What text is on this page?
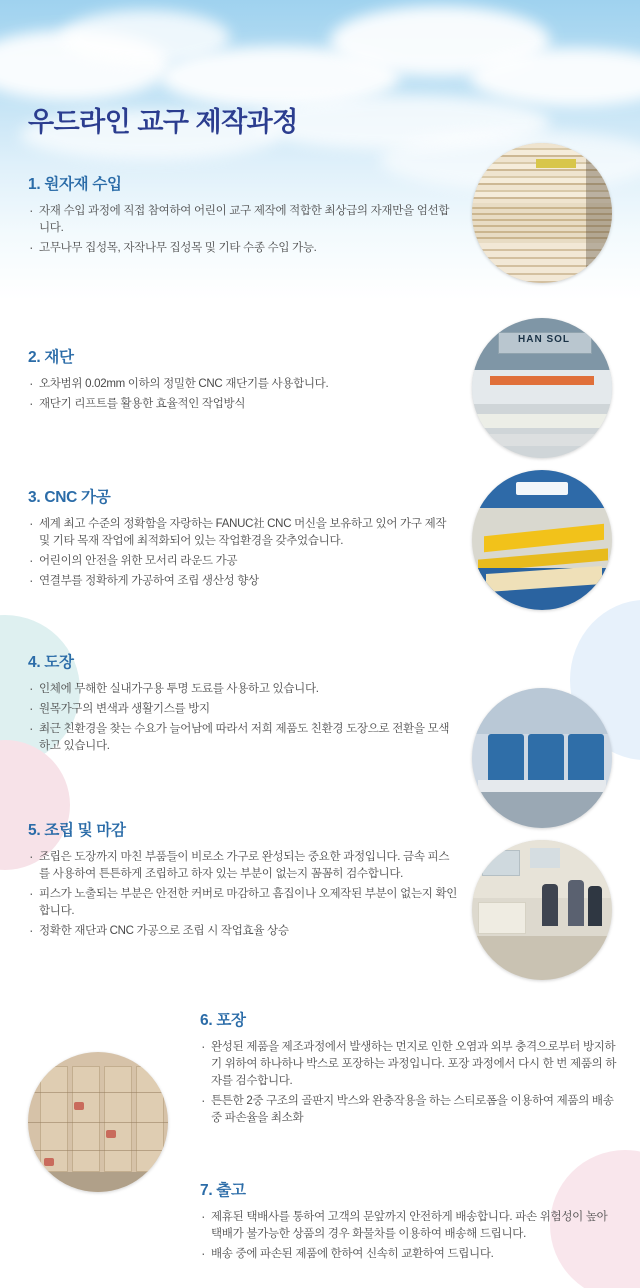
우드라인 교구 제작과정
1. 원자재 수입
· 자재 수입 과정에 직접 참여하여 어린이 교구 제작에 적합한 최상급의 자재만을 엄선합니다.
· 고무나무 집성목, 자작나무 집성목 및 기타 수종 수입 가능.
2. 재단
· 오차범위 0.02mm 이하의 정밀한 CNC 재단기를 사용합니다.
· 재단기 리프트를 활용한 효율적인 작업방식
3. CNC 가공
· 세계 최고 수준의 정확함을 자랑하는 FANUC社 CNC 머신을 보유하고 있어 가구 제작 및 기타 목재 작업에 최적화되어 있는 작업환경을 갖추었습니다.
· 어린이의 안전을 위한 모서리 라운드 가공
· 연결부를 정확하게 가공하여 조립 생산성 향상
4. 도장
· 인체에 무해한 실내가구용 투명 도료를 사용하고 있습니다.
· 원목가구의 변색과 생활기스를 방지
· 최근 친환경을 찾는 수요가 늘어남에 따라서 저희 제품도 친환경 도장으로 전환을 모색하고 있습니다.
5. 조립 및 마감
· 조립은 도장까지 마친 부품들이 비로소 가구로 완성되는 중요한 과정입니다. 금속 피스를 사용하여 튼튼하게 조립하고 하자 있는 부분이 없는지 꼼꼼히 검수합니다.
· 피스가 노출되는 부분은 안전한 커버로 마감하고 흠집이나 오제작된 부분이 없는지 확인합니다.
· 정확한 재단과 CNC 가공으로 조립 시 작업효율 상승
6. 포장
· 완성된 제품을 제조과정에서 발생하는 먼지로 인한 오염과 외부 충격으로부터 방지하기 위하여 하나하나 박스로 포장하는 과정입니다. 포장 과정에서 다시 한 번 제품의 하자를 검수합니다.
· 튼튼한 2중 구조의 골판지 박스와 완충작용을 하는 스티로폼을 이용하여 제품의 배송중 파손율을 최소화
7. 출고
· 제휴된 택배사를 통하여 고객의 문앞까지 안전하게 배송합니다. 파손 위험성이 높아 택배가 불가능한 상품의 경우 화물차를 이용하여 배송해 드립니다.
· 배송 중에 파손된 제품에 한하여 신속히 교환하여 드립니다.
HAN SOL
